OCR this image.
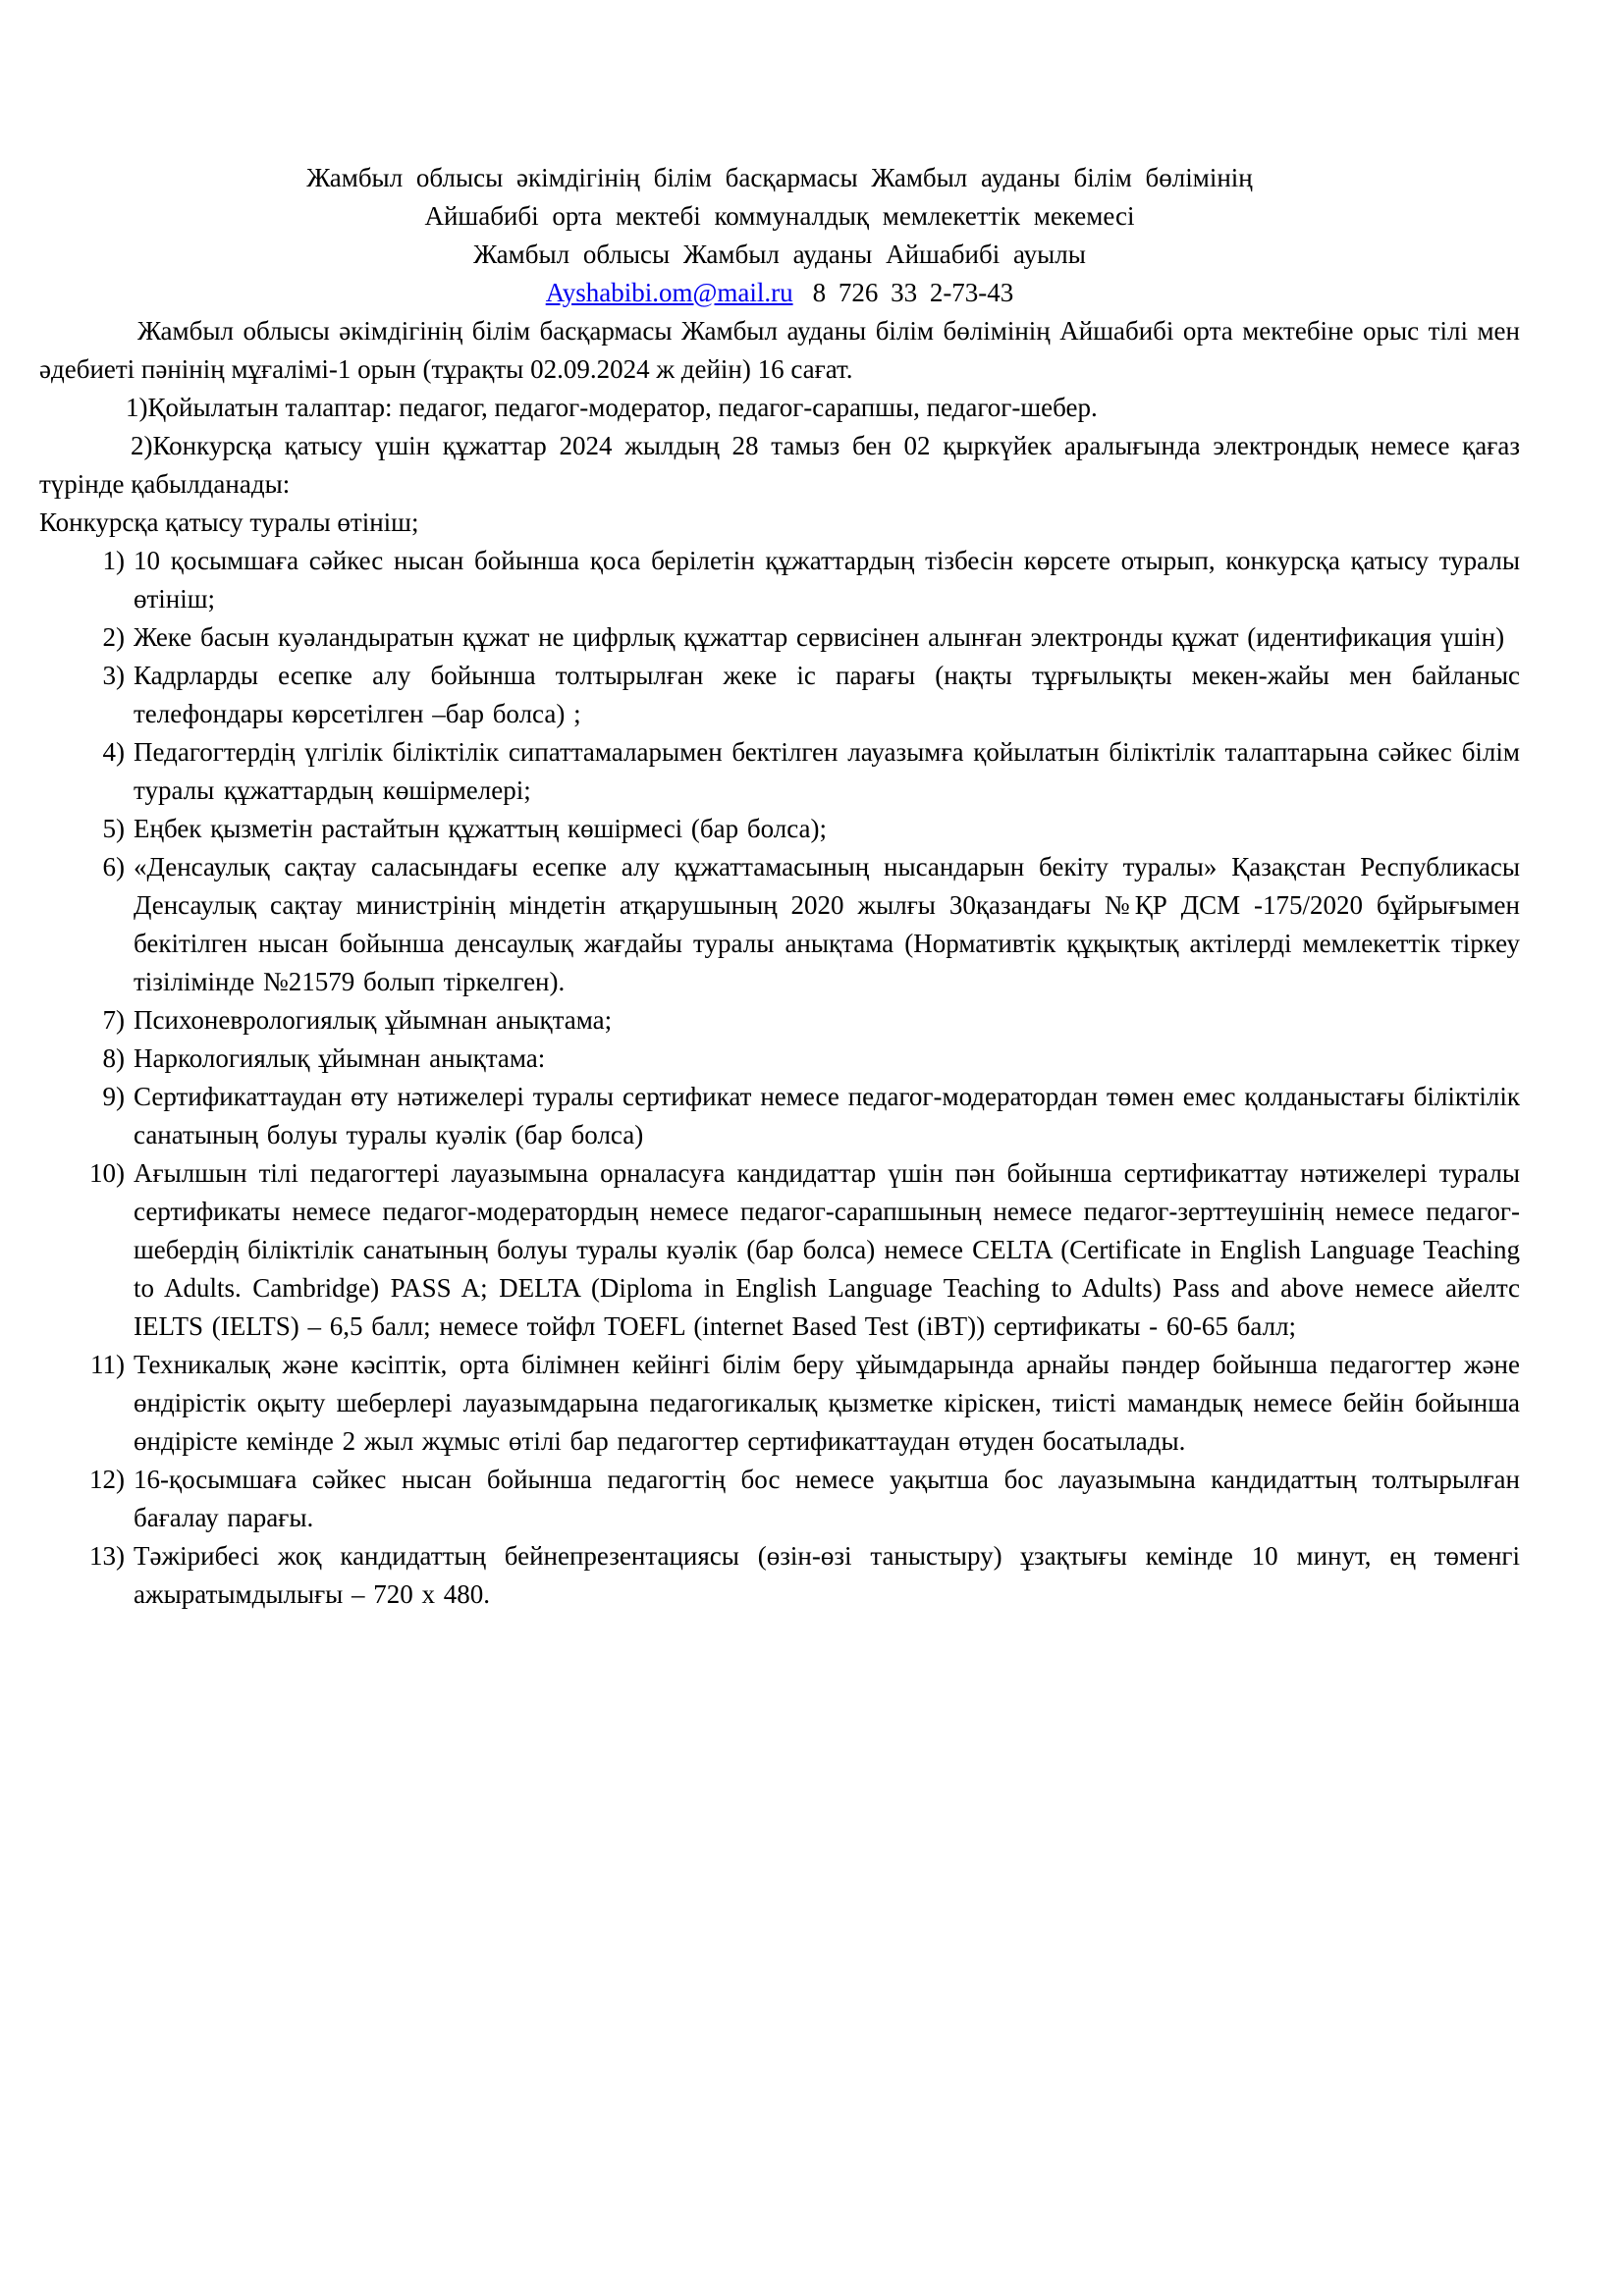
Жамбыл облысы әкімдігінің білім басқармасы Жамбыл ауданы білім бөлімінің
Айшабибі орта мектебі коммуналдық мемлекеттік мекемесі
Жамбыл облысы Жамбыл ауданы Айшабибі ауылы
Ayshabibi.om@mail.ru 8 726 33 2-73-43
Жамбыл облысы әкімдігінің білім басқармасы Жамбыл ауданы білім бөлімінің Айшабибі орта мектебіне орыс тілі мен әдебиеті пәнінің мұғалімі-1 орын (тұрақты 02.09.2024 ж дейін) 16 сағат.
1)Қойылатын талаптар: педагог, педагог-модератор, педагог-сарапшы, педагог-шебер.
2)Конкурсқа қатысу үшін құжаттар 2024 жылдың 28 тамыз бен 02 қыркүйек аралығында электрондық немесе қағаз түрінде қабылданады:
Конкурсқа қатысу туралы өтініш;
1) 10 қосымшаға сәйкес нысан бойынша қоса берілетін құжаттардың тізбесін көрсете отырып, конкурсқа қатысу туралы өтініш;
2) Жеке басын куәландыратын құжат не цифрлық құжаттар сервисінен алынған электронды құжат (идентификация үшін)
3) Кадрларды есепке алу бойынша толтырылған жеке іс парағы (нақты тұрғылықты мекен-жайы мен байланыс телефондары көрсетілген –бар болса) ;
4) Педагогтердің үлгілік біліктілік сипаттамаларымен бектілген лауазымға қойылатын біліктілік талаптарына сәйкес білім туралы құжаттардың көшірмелері;
5) Еңбек қызметін растайтын құжаттың көшірмесі (бар болса);
6) «Денсаулық сақтау саласындағы есепке алу құжаттамасының нысандарын бекіту туралы» Қазақстан Республикасы Денсаулық сақтау министрінің міндетін атқарушының 2020 жылғы 30қазандағы №ҚР ДСМ -175/2020 бұйрығымен бекітілген нысан бойынша денсаулық жағдайы туралы анықтама (Нормативтік құқықтық актілерді мемлекеттік тіркеу тізілімінде №21579 болып тіркелген).
7) Психоневрологиялық ұйымнан анықтама;
8) Наркологиялық ұйымнан анықтама:
9) Сертификаттаудан өту нәтижелері туралы сертификат немесе педагог-модератордан төмен емес қолданыстағы біліктілік санатының болуы туралы куәлік (бар болса)
10) Ағылшын тілі педагогтері лауазымына орналасуға кандидаттар үшін пән бойынша сертификаттау нәтижелері туралы сертификаты немесе педагог-модератордың немесе педагог-сарапшының немесе педагог-зерттеушінің немесе педагог-шебердің біліктілік санатының болуы туралы куәлік (бар болса) немесе CELTA (Certificate in English Language Teaching to Adults. Cambridge) PASS A; DELTA (Diploma in English Language Teaching to Adults) Pass and above немесе айелтс IELTS (IELTS) – 6,5 балл; немесе тойфл TOEFL (internet Based Test (iBT)) сертификаты - 60-65 балл;
11) Техникалық және кәсіптік, орта білімнен кейінгі білім беру ұйымдарында арнайы пәндер бойынша педагогтер және өндірістік оқыту шеберлері лауазымдарына педагогикалық қызметке кіріскен, тиісті мамандық немесе бейін бойынша өндірісте кемінде 2 жыл жұмыс өтілі бар педагогтер сертификаттаудан өтуден босатылады.
12) 16-қосымшаға сәйкес нысан бойынша педагогтің бос немесе уақытша бос лауазымына кандидаттың толтырылған бағалау парағы.
13) Тәжірибесі жоқ кандидаттың бейнепрезентациясы (өзін-өзі таныстыру) ұзақтығы кемінде 10 минут, ең төменгі ажыратымдылығы – 720 х 480.
